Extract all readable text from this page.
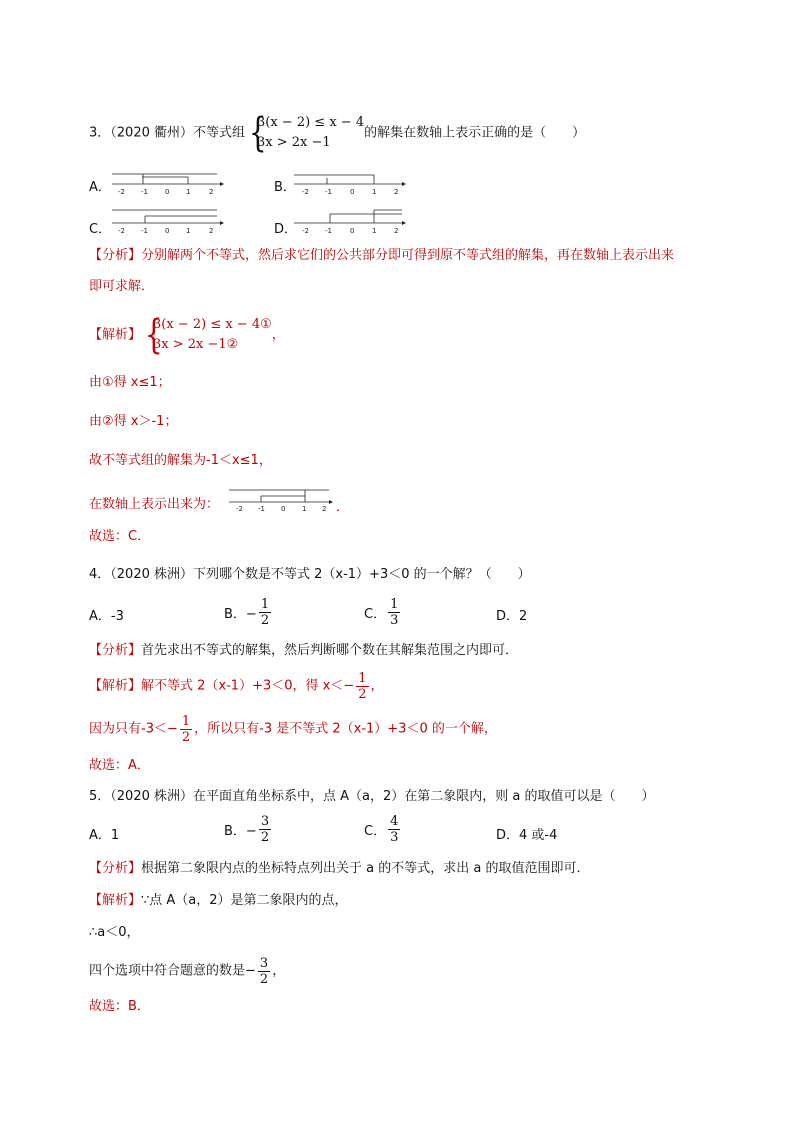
3．（2020 衢州）不等式组 {
3(x − 2) ≤ x − 4
3x > 2x −1
的解集在数轴上表示正确的是（　　）
A． -2 -1 0 1	2	B． -2 -1	0	1	2
C． -2 -1 0 1	2	D． -2 -1	0	1	2
【分析】分别解两个不等式，然后求它们的公共部分即可得到原不等式组的解集，再在数轴上表示出来
即可求解．
【解析】 {
3(x − 2) ≤ x − 4①
3x > 2x −1②
，
由①得 x≤1；
由②得 x＞-1；
故不等式组的解集为-1＜x≤1，
在数轴上表示出来为： -2 -1 0 1 2 ．
故选：C．
4．（2020 株洲）下列哪个数是不等式 2（x-1）+3＜0 的一个解？（　　）
A．-3	B．− $\frac{1}{2}$	C． $\frac{1}{3}$	D．2
【分析】首先求出不等式的解集，然后判断哪个数在其解集范围之内即可．
【解析】解不等式 2（x-1）+3＜0，得 $x<- \frac{1}{2}$ ，
因为只有$-3<- \frac{1}{2}$ ，所以只有-3 是不等式 2（x-1）+3＜0 的一个解，
故选：A．
5．（2020 株洲）在平面直角坐标系中，点 A（a，2）在第二象限内，则 a 的取值可以是（　　）
A．1	B．− $\frac{3}{2}$	C． $\frac{4}{3}$	D．4 或-4
【分析】根据第二象限内点的坐标特点列出关于 a 的不等式，求出 a 的取值范围即可．
【解析】∵点 A（a，2）是第二象限内的点，
∴a＜0，
四个选项中符合题意的数是− $\frac{3}{2}$ ，
故选：B．
